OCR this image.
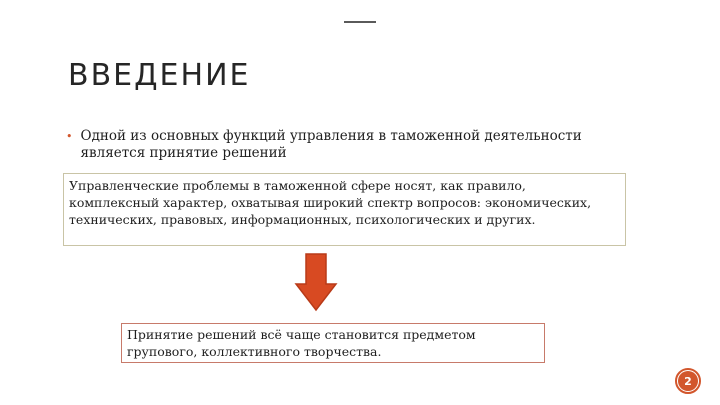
ВВЕДЕНИЕ
• Одной из основных функций управления в таможенной деятельности является принятие решений
Управленческие проблемы в таможенной сфере носят, как правило, комплексный характер, охватывая широкий спектр вопросов: экономических, технических, правовых, информационных, психологических и других.
Принятие решений всё чаще становится предметом групового, коллективного творчества.
2
